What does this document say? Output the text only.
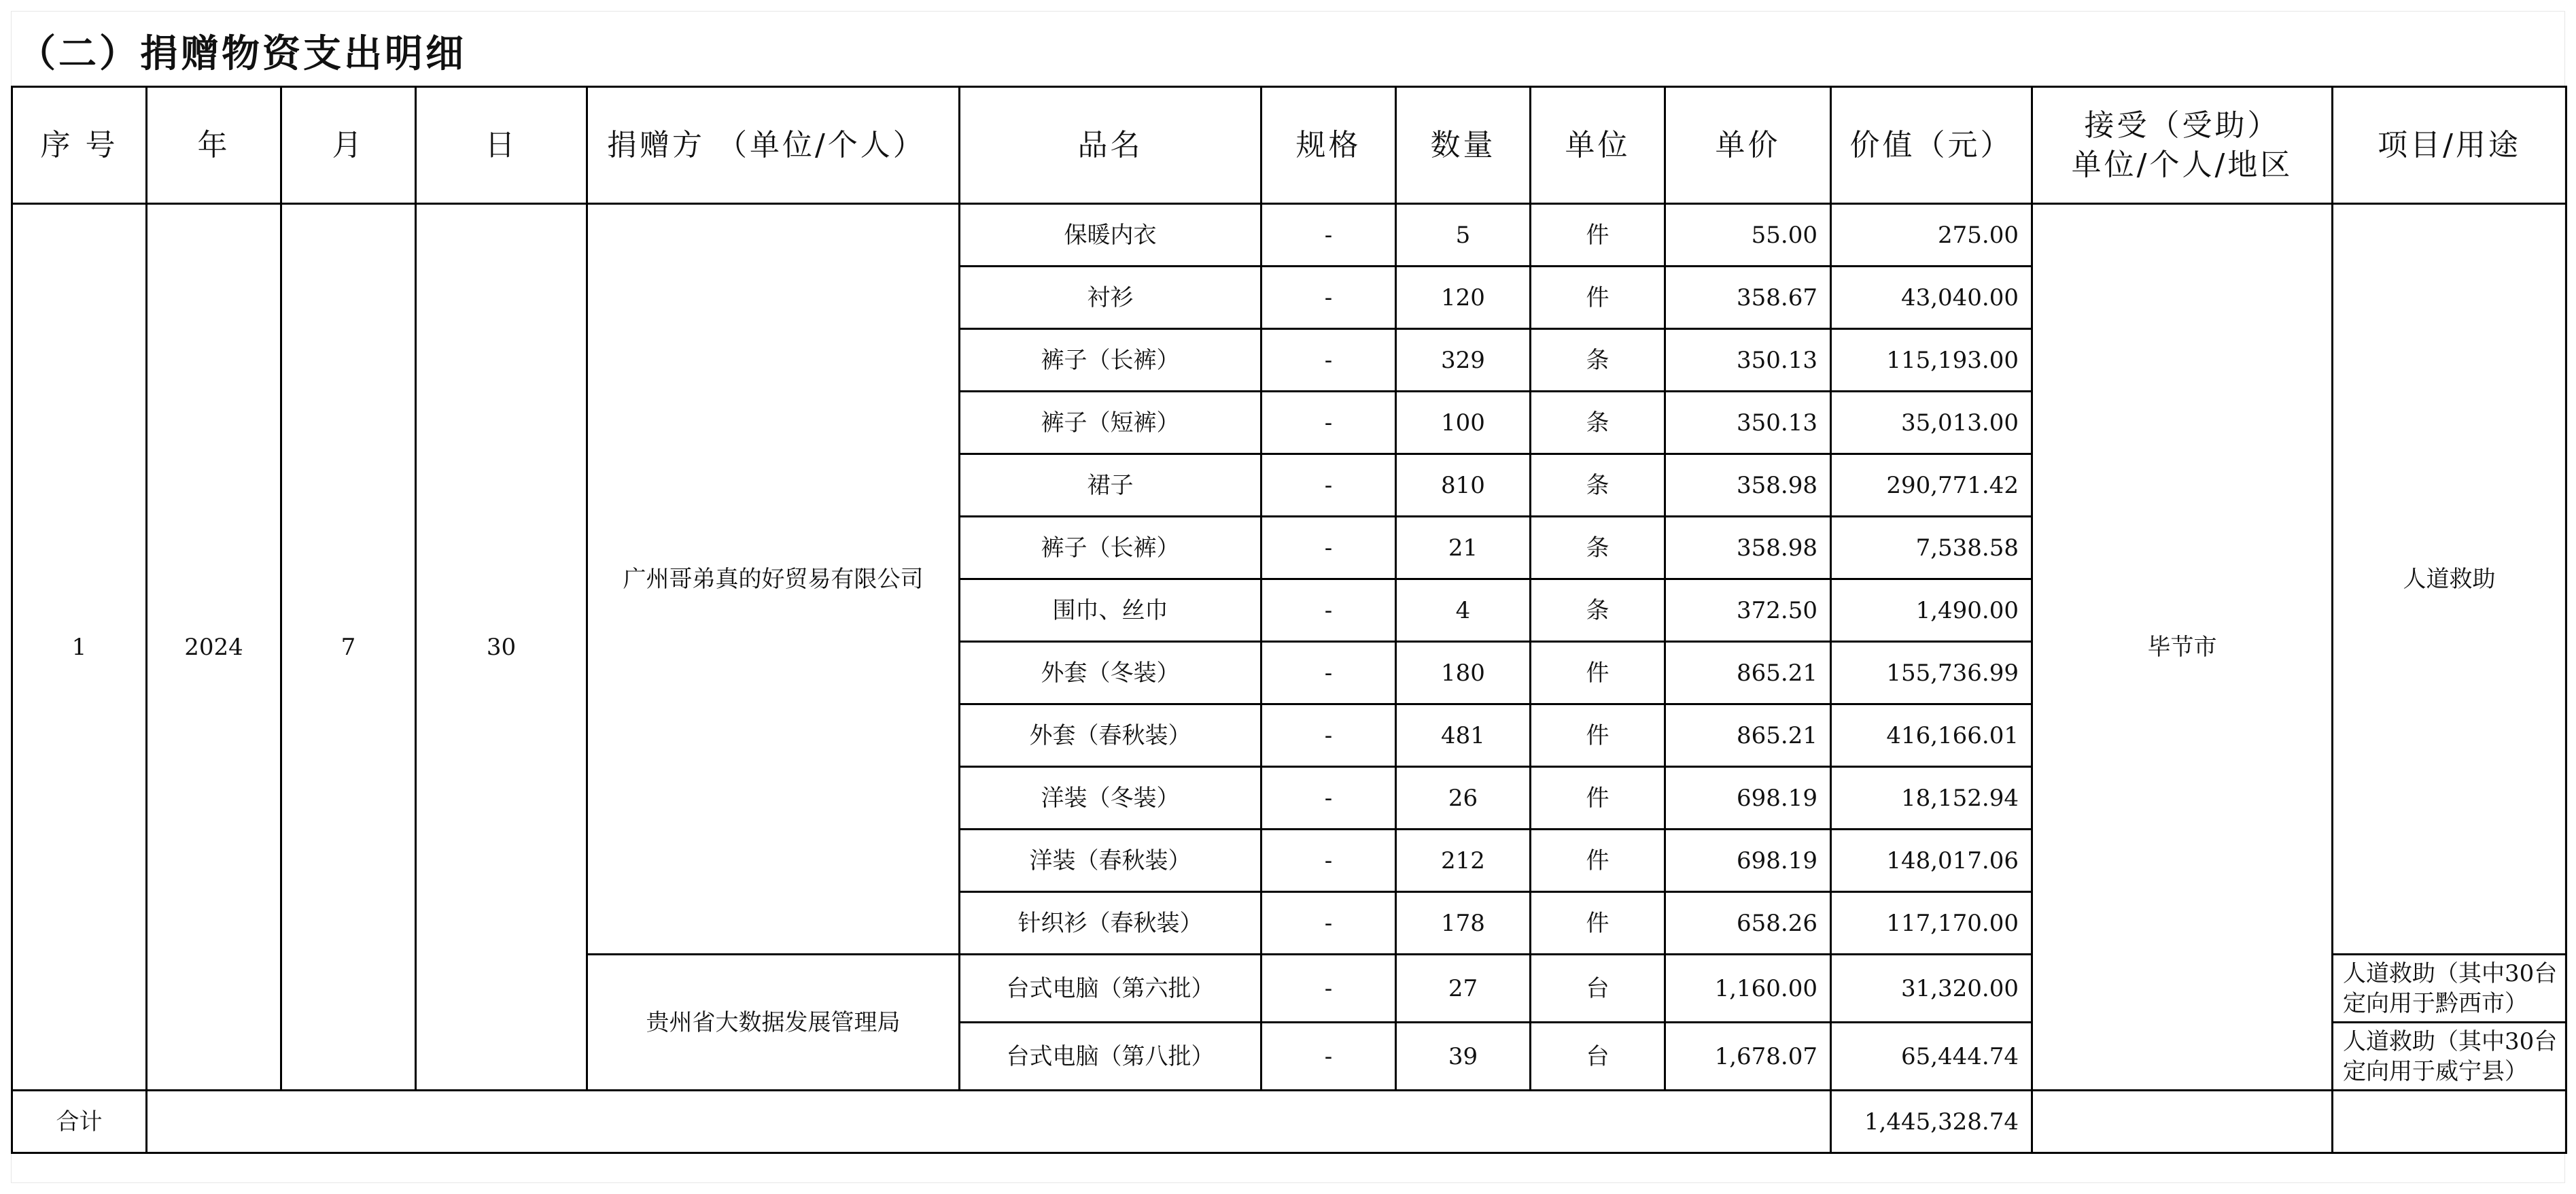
（二）捐赠物资支出明细
序 号	年	月	日	捐赠方 （单位/个人）	品名	规格	数量	单位	单价	价值（元）	接受（受助）
单位/个人/地区	项目/用途
1	2024	7	30	广州哥弟真的好贸易有限公司	保暖内衣	-	5	件	55.00	275.00	毕节市	人道救助
					衬衫	-	120	件	358.67	43,040.00		
					裤子（长裤）	-	329	条	350.13	115,193.00		
					裤子（短裤）	-	100	条	350.13	35,013.00		
					裙子	-	810	条	358.98	290,771.42		
					裤子（长裤）	-	21	条	358.98	7,538.58		
					围巾、丝巾	-	4	条	372.50	1,490.00		
					外套（冬装）	-	180	件	865.21	155,736.99		
					外套（春秋装）	-	481	件	865.21	416,166.01		
					洋装（冬装）	-	26	件	698.19	18,152.94		
					洋装（春秋装）	-	212	件	698.19	148,017.06		
					针织衫（春秋装）	-	178	件	658.26	117,170.00		
				贵州省大数据发展管理局	台式电脑（第六批）	-	27	台	1,160.00	31,320.00		人道救助（其中30台定向用于黔西市）
					台式电脑（第八批）	-	39	台	1,678.07	65,444.74		人道救助（其中30台定向用于威宁县）
合计										1,445,328.74		
